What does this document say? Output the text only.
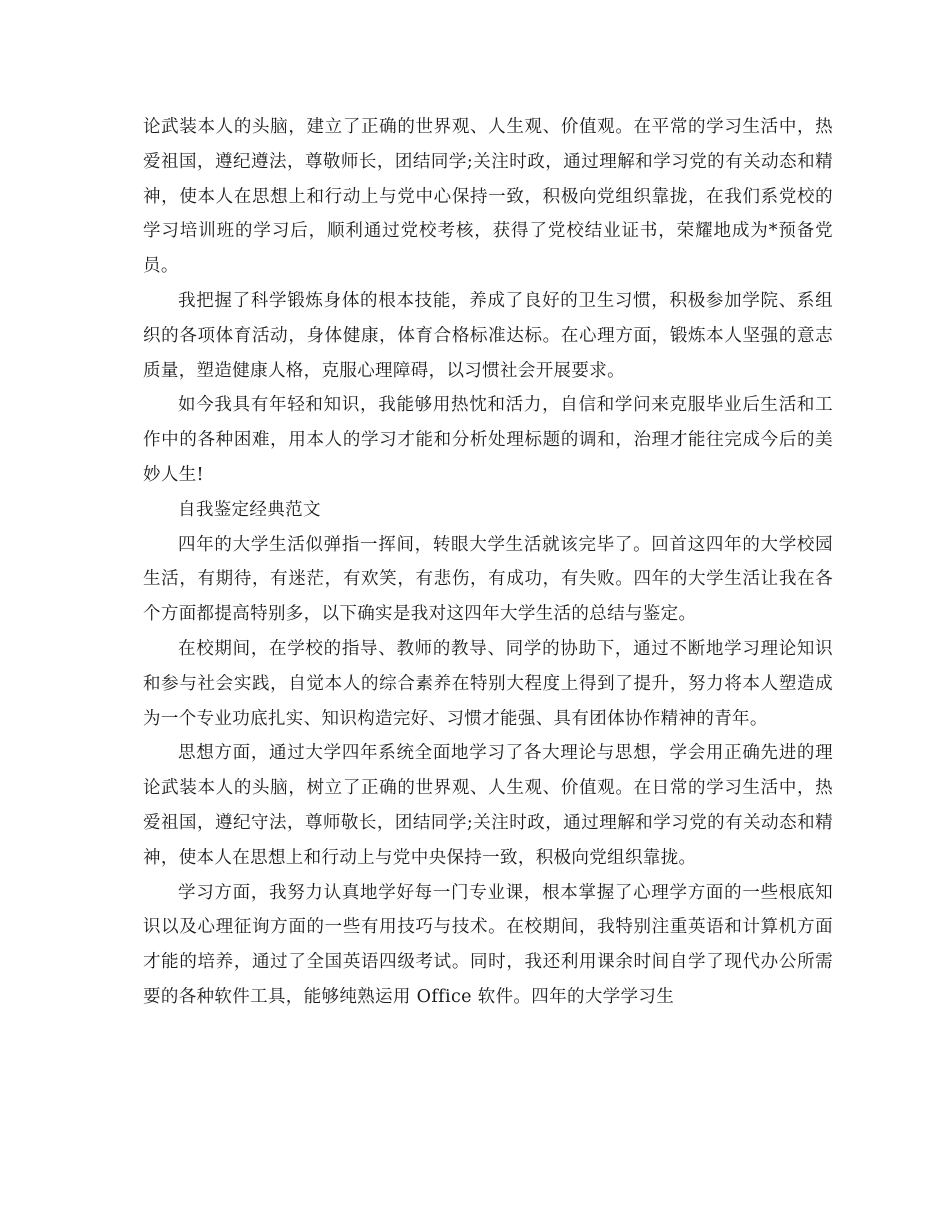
论武装本人的头脑，建立了正确的世界观、人生观、价值观。在平常的学习生活中，热爱祖国，遵纪遵法，尊敬师长，团结同学;关注时政，通过理解和学习党的有关动态和精神，使本人在思想上和行动上与党中心保持一致，积极向党组织靠拢，在我们系党校的学习培训班的学习后，顺利通过党校考核，获得了党校结业证书，荣耀地成为*预备党员。

我把握了科学锻炼身体的根本技能，养成了良好的卫生习惯，积极参加学院、系组织的各项体育活动，身体健康，体育合格标准达标。在心理方面，锻炼本人坚强的意志质量，塑造健康人格，克服心理障碍，以习惯社会开展要求。

如今我具有年轻和知识，我能够用热忱和活力，自信和学问来克服毕业后生活和工作中的各种困难，用本人的学习才能和分析处理标题的调和，治理才能往完成今后的美妙人生!

自我鉴定经典范文

四年的大学生活似弹指一挥间，转眼大学生活就该完毕了。回首这四年的大学校园生活，有期待，有迷茫，有欢笑，有悲伤，有成功，有失败。四年的大学生活让我在各个方面都提高特别多，以下确实是我对这四年大学生活的总结与鉴定。

在校期间，在学校的指导、教师的教导、同学的协助下，通过不断地学习理论知识和参与社会实践，自觉本人的综合素养在特别大程度上得到了提升，努力将本人塑造成为一个专业功底扎实、知识构造完好、习惯才能强、具有团体协作精神的青年。

思想方面，通过大学四年系统全面地学习了各大理论与思想，学会用正确先进的理论武装本人的头脑，树立了正确的世界观、人生观、价值观。在日常的学习生活中，热爱祖国，遵纪守法，尊师敬长，团结同学;关注时政，通过理解和学习党的有关动态和精神，使本人在思想上和行动上与党中央保持一致，积极向党组织靠拢。

学习方面，我努力认真地学好每一门专业课，根本掌握了心理学方面的一些根底知识以及心理征询方面的一些有用技巧与技术。在校期间，我特别注重英语和计算机方面才能的培养，通过了全国英语四级考试。同时，我还利用课余时间自学了现代办公所需要的各种软件工具，能够纯熟运用 Office 软件。四年的大学学习生
